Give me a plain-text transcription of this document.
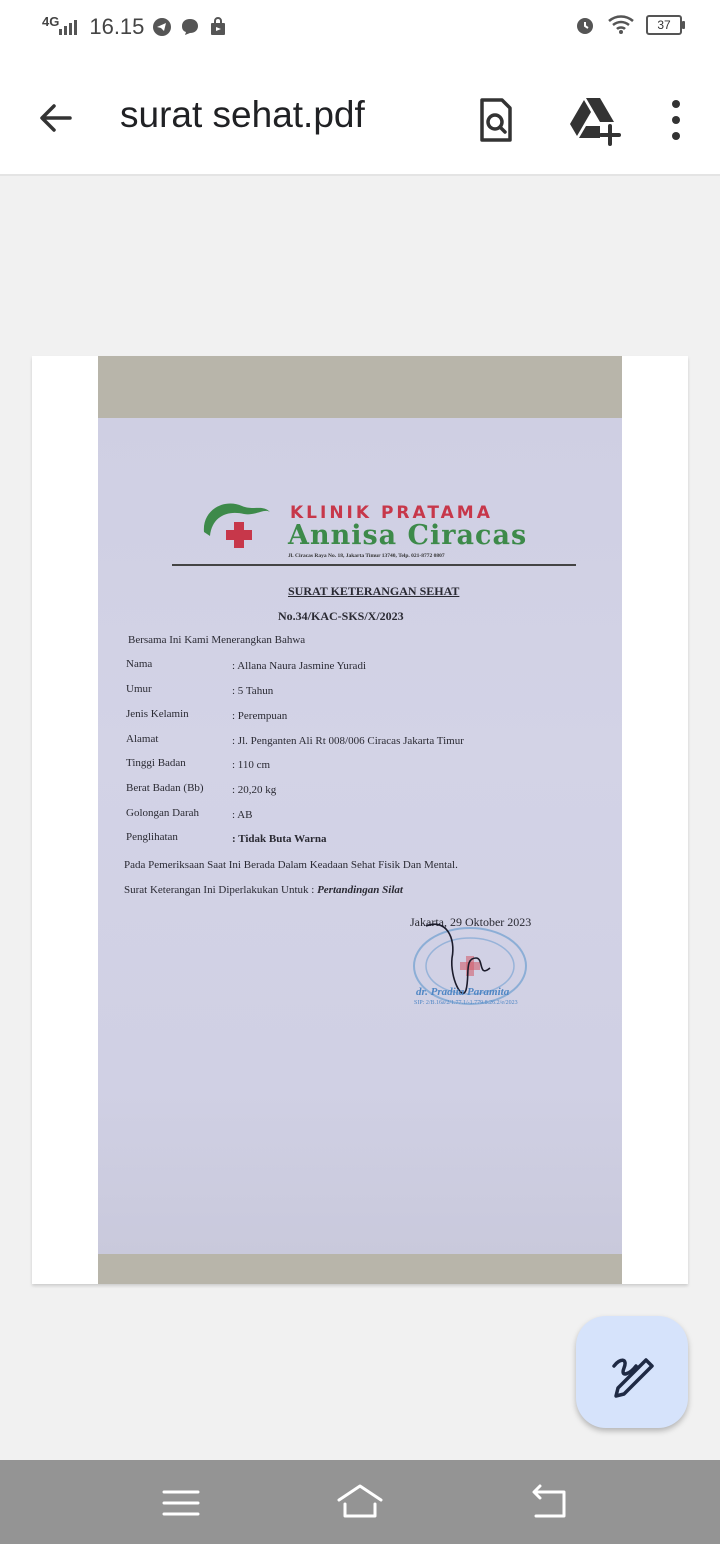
4G 16.15	37
surat sehat.pdf
KLINIK PRATAMA
Annisa Ciracas
Jl. Ciracas Raya No. 18, Jakarta Timur 13740, Telp. 021-8772 0807
SURAT KETERANGAN SEHAT
No.34/KAC-SKS/X/2023
Bersama Ini Kami Menerangkan Bahwa
Nama	: Allana Naura Jasmine Yuradi
Umur	: 5 Tahun
Jenis Kelamin	: Perempuan
Alamat	: Jl. Penganten Ali Rt 008/006 Ciracas Jakarta Timur
Tinggi Badan	: 110 cm
Berat Badan (Bb)	: 20,20 kg
Golongan Darah	: AB
Penglihatan	: Tidak Buta Warna
Pada Pemeriksaan Saat Ini Berada Dalam Keadaan Sehat Fisik Dan Mental.
Surat Keterangan Ini Diperlakukan Untuk : Pertandingan Silat
Jakarta, 29 Oktober 2023
dr. Pradita Paramita
SIP: 2/B.16a/2/1.77.1/-1.779.8.26.2/e/2023
